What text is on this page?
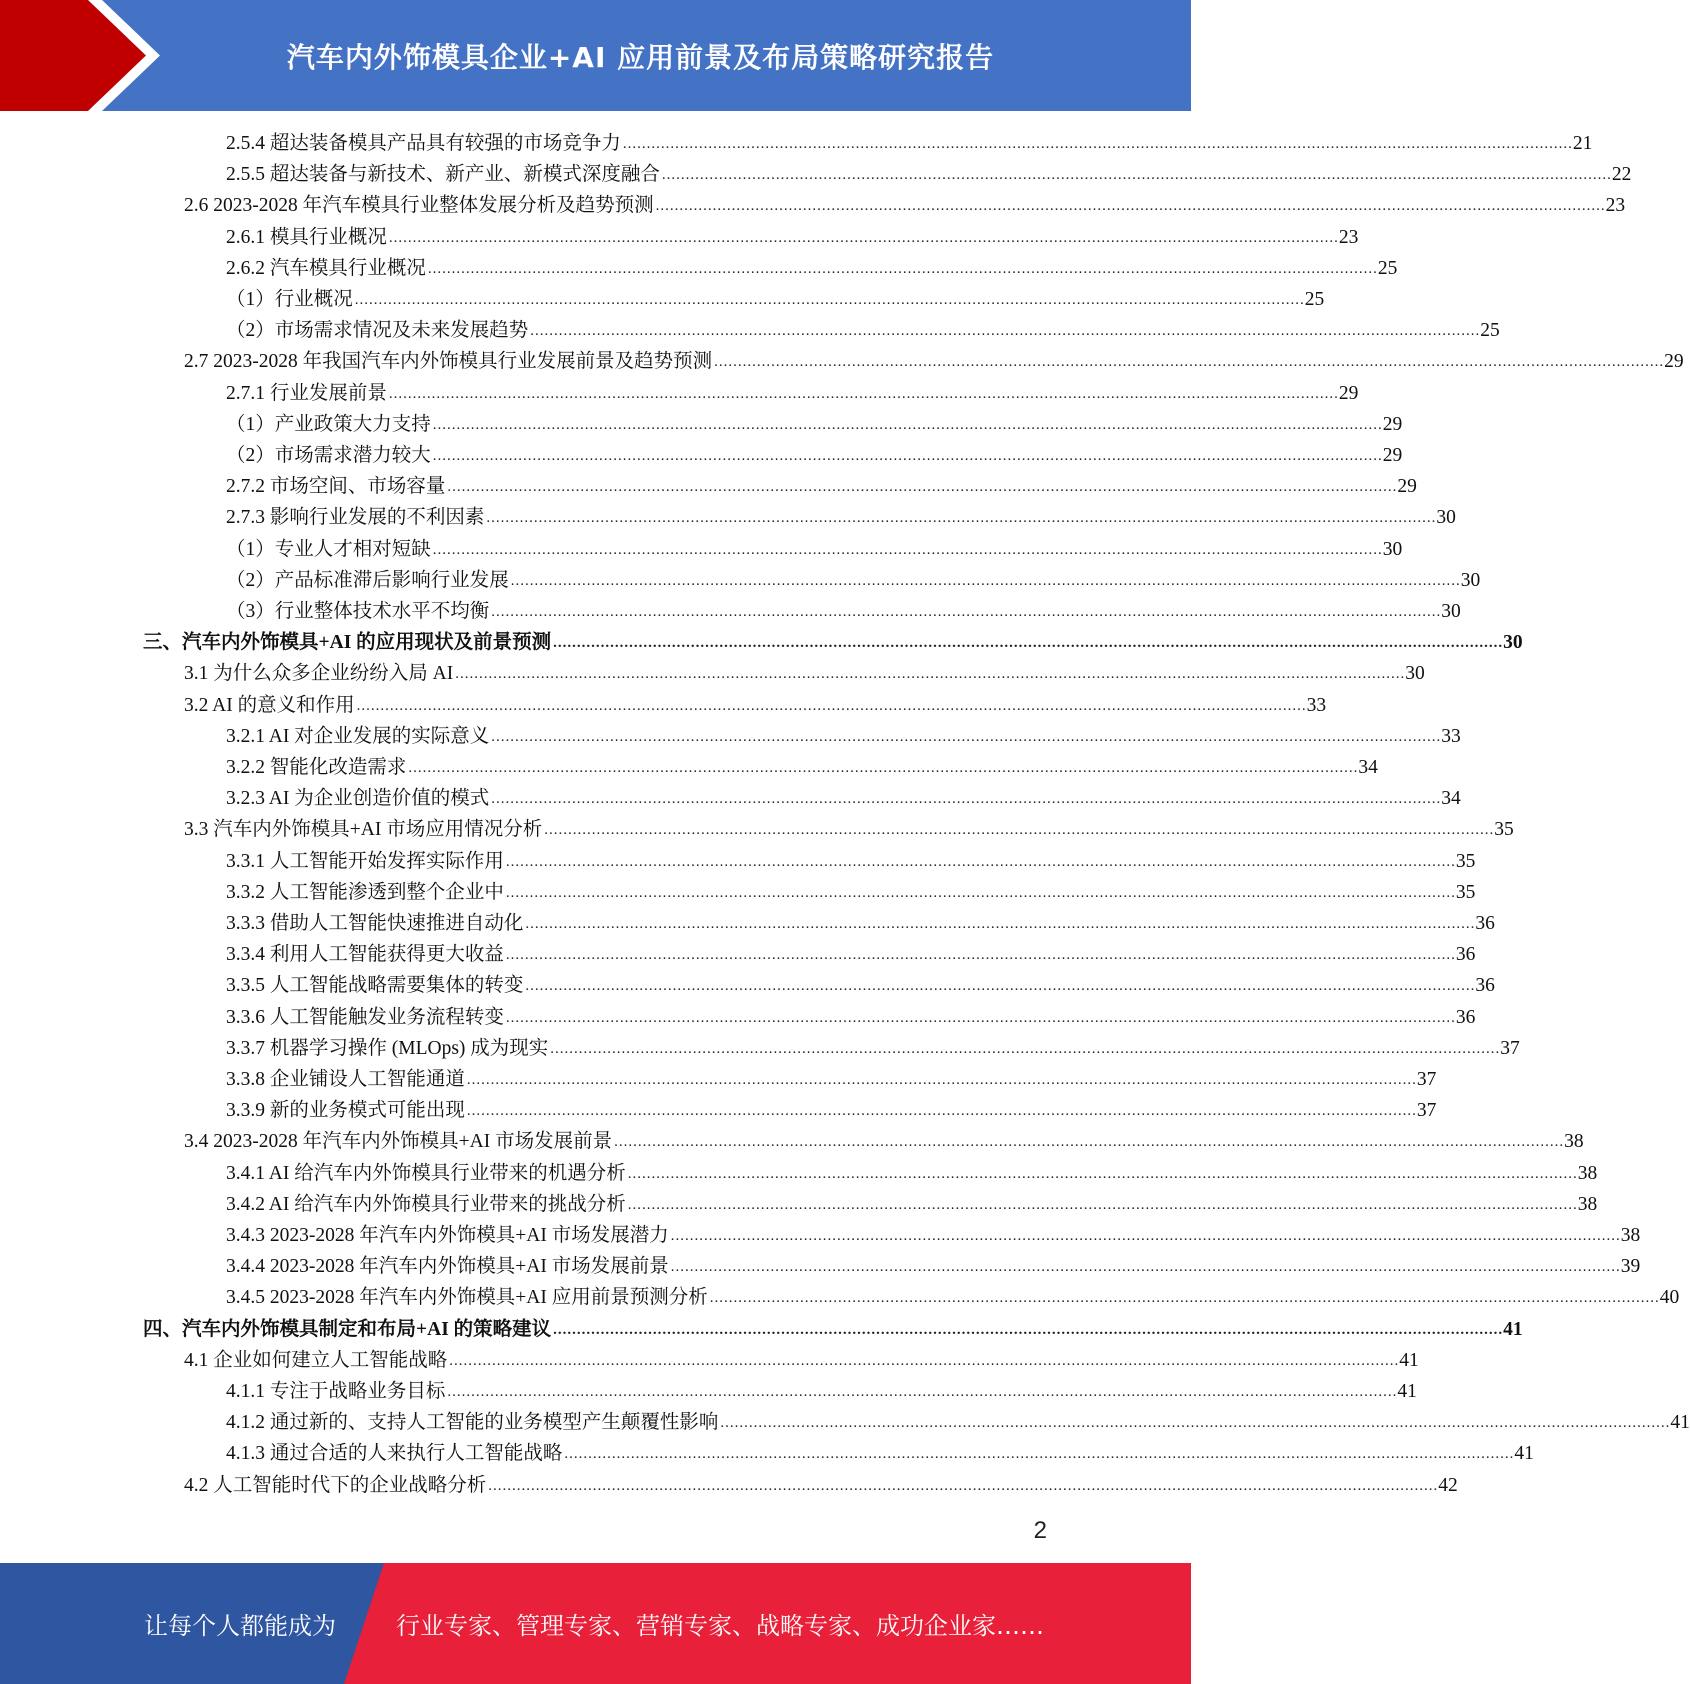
汽车内外饰模具企业+AI 应用前景及布局策略研究报告
2.5.4 超达装备模具产品具有较强的市场竞争力 ........................................................................................................................................................................................................ 21
2.5.5 超达装备与新技术、新产业、新模式深度融合 ........................................................................................................................................................................................................ 22
2.6 2023-2028 年汽车模具行业整体发展分析及趋势预测 ........................................................................................................................................................................................................ 23
2.6.1 模具行业概况 ........................................................................................................................................................................................................ 23
2.6.2 汽车模具行业概况 ........................................................................................................................................................................................................ 25
（1）行业概况 ........................................................................................................................................................................................................ 25
（2）市场需求情况及未来发展趋势 ........................................................................................................................................................................................................ 25
2.7 2023-2028 年我国汽车内外饰模具行业发展前景及趋势预测 ........................................................................................................................................................................................................ 29
2.7.1 行业发展前景 ........................................................................................................................................................................................................ 29
（1）产业政策大力支持 ........................................................................................................................................................................................................ 29
（2）市场需求潜力较大 ........................................................................................................................................................................................................ 29
2.7.2 市场空间、市场容量 ........................................................................................................................................................................................................ 29
2.7.3 影响行业发展的不利因素 ........................................................................................................................................................................................................ 30
（1）专业人才相对短缺 ........................................................................................................................................................................................................ 30
（2）产品标准滞后影响行业发展 ........................................................................................................................................................................................................ 30
（3）行业整体技术水平不均衡 ........................................................................................................................................................................................................ 30
三、汽车内外饰模具+AI 的应用现状及前景预测 ........................................................................................................................................................................................................ 30
3.1 为什么众多企业纷纷入局 AI ........................................................................................................................................................................................................ 30
3.2 AI 的意义和作用 ........................................................................................................................................................................................................ 33
3.2.1 AI 对企业发展的实际意义 ........................................................................................................................................................................................................ 33
3.2.2 智能化改造需求 ........................................................................................................................................................................................................ 34
3.2.3 AI 为企业创造价值的模式 ........................................................................................................................................................................................................ 34
3.3 汽车内外饰模具+AI 市场应用情况分析 ........................................................................................................................................................................................................ 35
3.3.1 人工智能开始发挥实际作用 ........................................................................................................................................................................................................ 35
3.3.2 人工智能渗透到整个企业中 ........................................................................................................................................................................................................ 35
3.3.3 借助人工智能快速推进自动化 ........................................................................................................................................................................................................ 36
3.3.4 利用人工智能获得更大收益 ........................................................................................................................................................................................................ 36
3.3.5 人工智能战略需要集体的转变 ........................................................................................................................................................................................................ 36
3.3.6 人工智能触发业务流程转变 ........................................................................................................................................................................................................ 36
3.3.7 机器学习操作 (MLOps) 成为现实 ........................................................................................................................................................................................................ 37
3.3.8 企业铺设人工智能通道 ........................................................................................................................................................................................................ 37
3.3.9 新的业务模式可能出现 ........................................................................................................................................................................................................ 37
3.4 2023-2028 年汽车内外饰模具+AI 市场发展前景 ........................................................................................................................................................................................................ 38
3.4.1 AI 给汽车内外饰模具行业带来的机遇分析 ........................................................................................................................................................................................................ 38
3.4.2 AI 给汽车内外饰模具行业带来的挑战分析 ........................................................................................................................................................................................................ 38
3.4.3 2023-2028 年汽车内外饰模具+AI 市场发展潜力 ........................................................................................................................................................................................................ 38
3.4.4 2023-2028 年汽车内外饰模具+AI 市场发展前景 ........................................................................................................................................................................................................ 39
3.4.5 2023-2028 年汽车内外饰模具+AI 应用前景预测分析 ........................................................................................................................................................................................................ 40
四、汽车内外饰模具制定和布局+AI 的策略建议 ........................................................................................................................................................................................................ 41
4.1 企业如何建立人工智能战略 ........................................................................................................................................................................................................ 41
4.1.1 专注于战略业务目标 ........................................................................................................................................................................................................ 41
4.1.2 通过新的、支持人工智能的业务模型产生颠覆性影响 ........................................................................................................................................................................................................ 41
4.1.3 通过合适的人来执行人工智能战略 ........................................................................................................................................................................................................ 41
4.2 人工智能时代下的企业战略分析 ........................................................................................................................................................................................................ 42
2
让每个人都能成为	行业专家、管理专家、营销专家、战略专家、成功企业家……
